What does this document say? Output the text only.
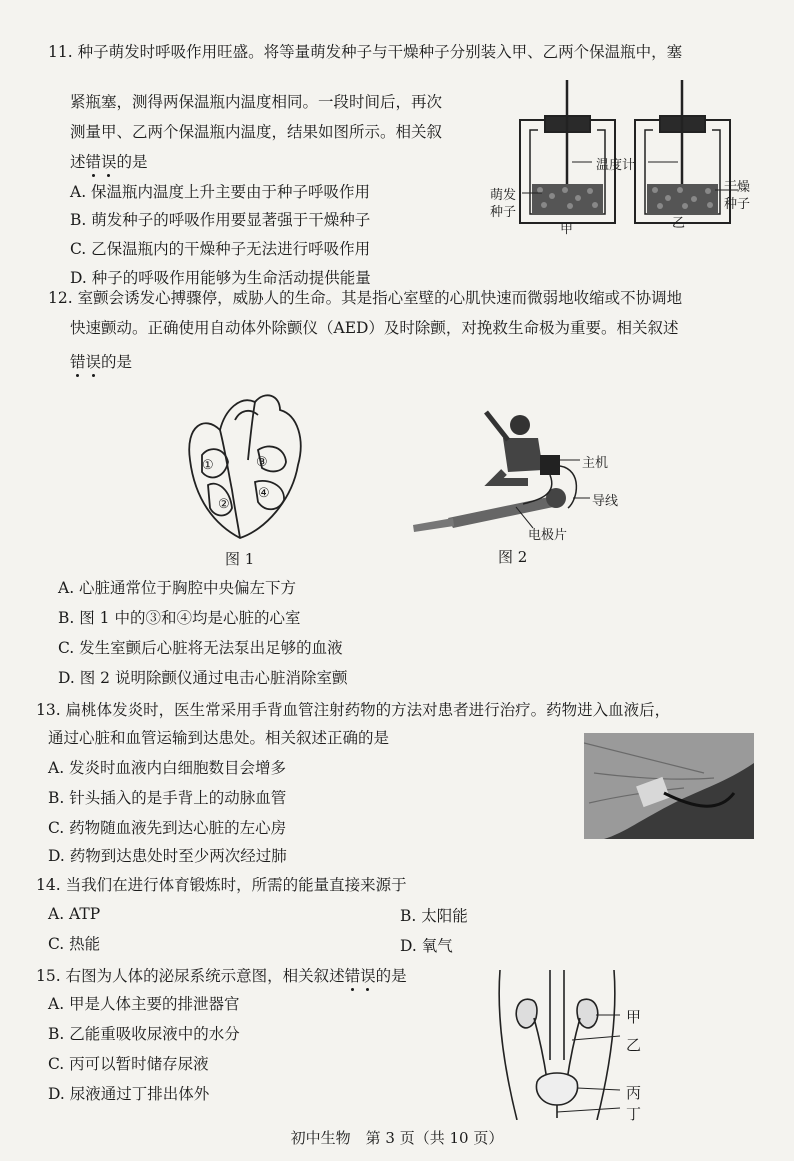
11. 种子萌发时呼吸作用旺盛。将等量萌发种子与干燥种子分别装入甲、乙两个保温瓶中，塞
紧瓶塞，测得两保温瓶内温度相同。一段时间后，再次
测量甲、乙两个保温瓶内温度，结果如图所示。相关叙
述错误的是
A. 保温瓶内温度上升主要由于种子呼吸作用
B. 萌发种子的呼吸作用要显著强于干燥种子
C. 乙保温瓶内的干燥种子无法进行呼吸作用
D. 种子的呼吸作用能够为生命活动提供能量
温度计
萌发
种子
干燥
种子
甲	乙
12. 室颤会诱发心搏骤停，威胁人的生命。其是指心室壁的心肌快速而微弱地收缩或不协调地
快速颤动。正确使用自动体外除颤仪（AED）及时除颤，对挽救生命极为重要。相关叙述
错误的是
①
②
③
④
图 1
主机
导线
电极片
图 2
A. 心脏通常位于胸腔中央偏左下方
B. 图 1 中的③和④均是心脏的心室
C. 发生室颤后心脏将无法泵出足够的血液
D. 图 2 说明除颤仪通过电击心脏消除室颤
13. 扁桃体发炎时，医生常采用手背血管注射药物的方法对患者进行治疗。药物进入血液后，
通过心脏和血管运输到达患处。相关叙述正确的是
A. 发炎时血液内白细胞数目会增多
B. 针头插入的是手背上的动脉血管
C. 药物随血液先到达心脏的左心房
D. 药物到达患处时至少两次经过肺
14. 当我们在进行体育锻炼时，所需的能量直接来源于
A. ATP	B. 太阳能
C. 热能	D. 氧气
15. 右图为人体的泌尿系统示意图，相关叙述错误的是
A. 甲是人体主要的排泄器官
B. 乙能重吸收尿液中的水分
C. 丙可以暂时储存尿液
D. 尿液通过丁排出体外
甲
乙
丙
丁
初中生物　第 3 页（共 10 页）
